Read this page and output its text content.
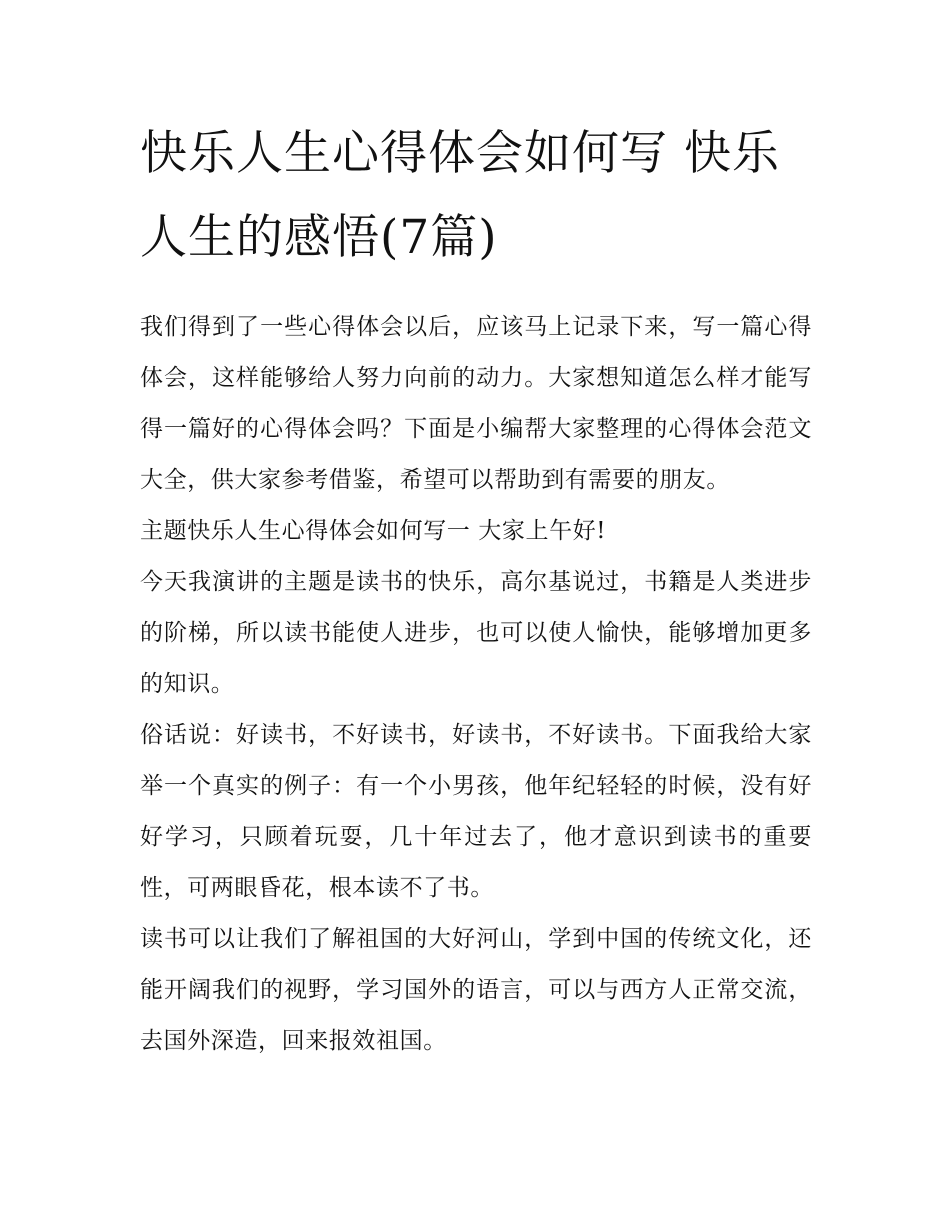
快乐人生心得体会如何写 快乐人生的感悟(7篇)

我们得到了一些心得体会以后，应该马上记录下来，写一篇心得体会，这样能够给人努力向前的动力。大家想知道怎么样才能写得一篇好的心得体会吗？下面是小编帮大家整理的心得体会范文大全，供大家参考借鉴，希望可以帮助到有需要的朋友。

主题快乐人生心得体会如何写一 大家上午好!

今天我演讲的主题是读书的快乐，高尔基说过，书籍是人类进步的阶梯，所以读书能使人进步，也可以使人愉快，能够增加更多的知识。

俗话说：好读书，不好读书，好读书，不好读书。下面我给大家举一个真实的例子：有一个小男孩，他年纪轻轻的时候，没有好好学习，只顾着玩耍，几十年过去了，他才意识到读书的重要性，可两眼昏花，根本读不了书。

读书可以让我们了解祖国的大好河山，学到中国的传统文化，还能开阔我们的视野，学习国外的语言，可以与西方人正常交流，去国外深造，回来报效祖国。
